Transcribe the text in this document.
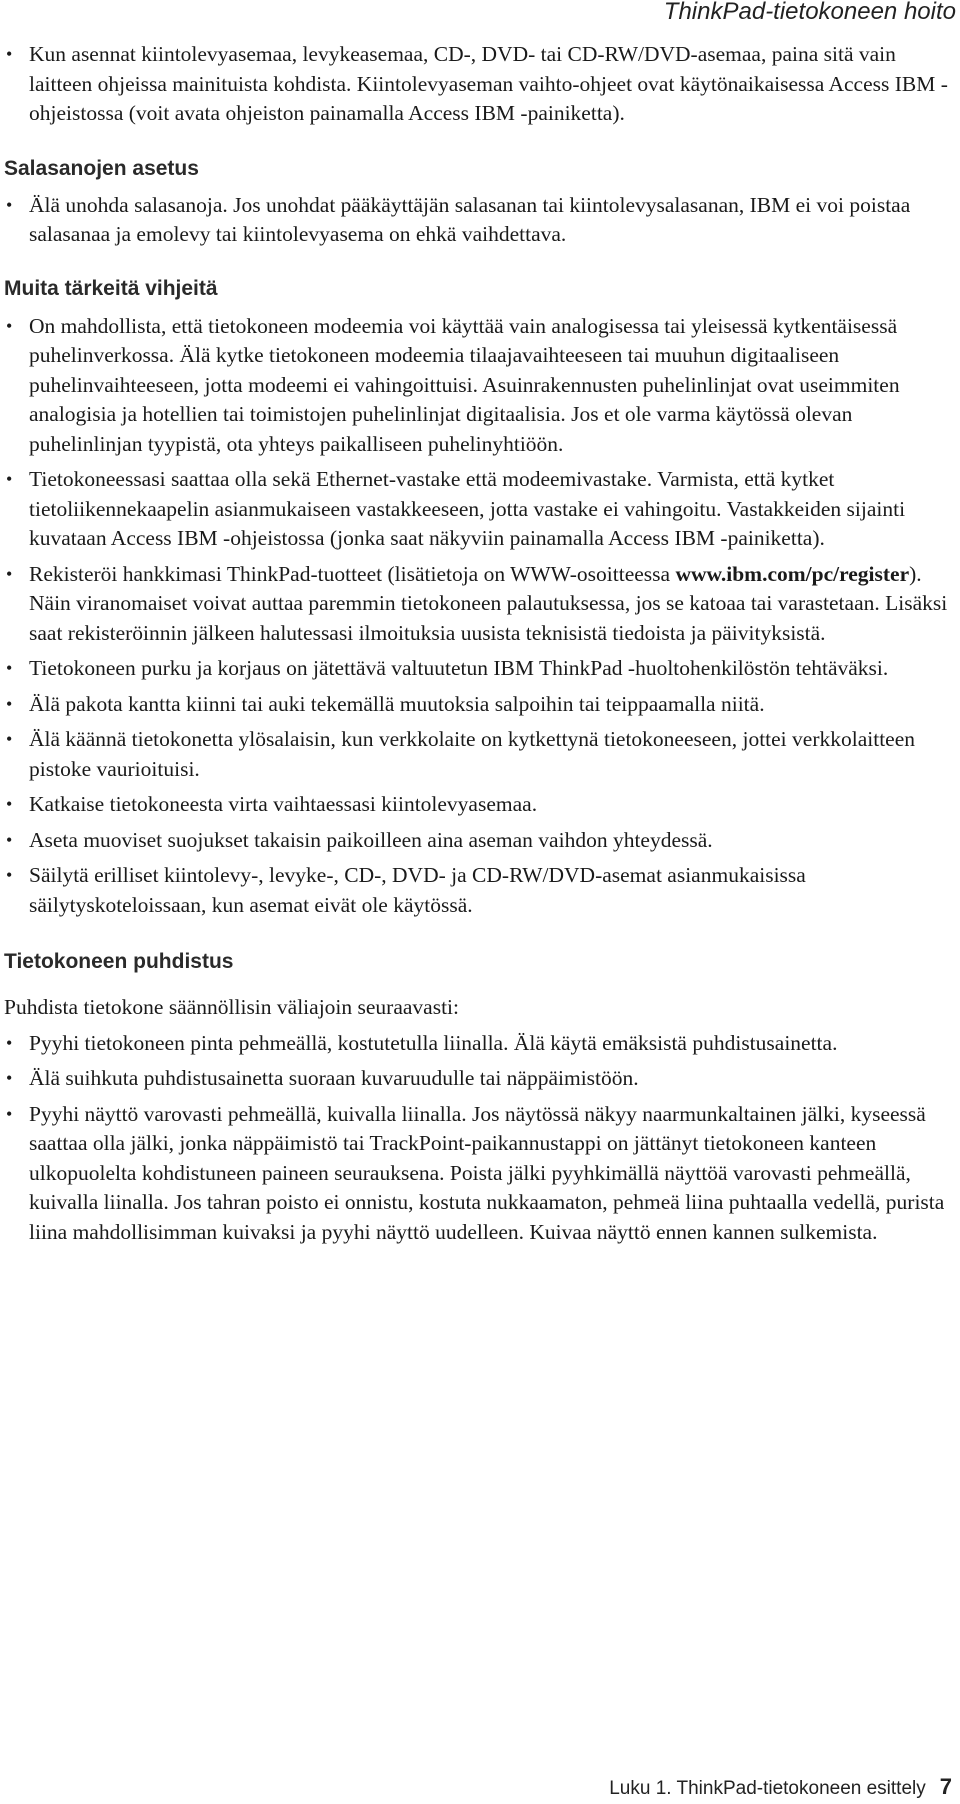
ThinkPad-tietokoneen hoito
• Kun asennat kiintolevyasemaa, levykeasemaa, CD-, DVD- tai CD-RW/DVD-asemaa, paina sitä vain laitteen ohjeissa mainituista kohdista. Kiintolevyaseman vaihto-ohjeet ovat käytönaikaisessa Access IBM -ohjeistossa (voit avata ohjeiston painamalla Access IBM -painiketta).
Salasanojen asetus
• Älä unohda salasanoja. Jos unohdat pääkäyttäjän salasanan tai kiintolevysalasanan, IBM ei voi poistaa salasanaa ja emolevy tai kiintolevyasema on ehkä vaihdettava.
Muita tärkeitä vihjeitä
• On mahdollista, että tietokoneen modeemia voi käyttää vain analogisessa tai yleisessä kytkentäisessä puhelinverkossa. Älä kytke tietokoneen modeemia tilaajavaihteeseen tai muuhun digitaaliseen puhelinvaihteeseen, jotta modeemi ei vahingoittuisi. Asuinrakennusten puhelinlinjat ovat useimmiten analogisia ja hotellien tai toimistojen puhelinlinjat digitaalisia. Jos et ole varma käytössä olevan puhelinlinjan tyypistä, ota yhteys paikalliseen puhelinyhtiöön.
• Tietokoneessasi saattaa olla sekä Ethernet-vastake että modeemivastake. Varmista, että kytket tietoliikennekaapelin asianmukaiseen vastakkeeseen, jotta vastake ei vahingoitu. Vastakkeiden sijainti kuvataan Access IBM -ohjeistossa (jonka saat näkyviin painamalla Access IBM -painiketta).
• Rekisteröi hankkimasi ThinkPad-tuotteet (lisätietoja on WWW-osoitteessa www.ibm.com/pc/register). Näin viranomaiset voivat auttaa paremmin tietokoneen palautuksessa, jos se katoaa tai varastetaan. Lisäksi saat rekisteröinnin jälkeen halutessasi ilmoituksia uusista teknisistä tiedoista ja päivityksistä.
• Tietokoneen purku ja korjaus on jätettävä valtuutetun IBM ThinkPad -huoltohenkilöstön tehtäväksi.
• Älä pakota kantta kiinni tai auki tekemällä muutoksia salpoihin tai teippaamalla niitä.
• Älä käännä tietokonetta ylösalaisin, kun verkkolaite on kytkettynä tietokoneeseen, jottei verkkolaitteen pistoke vaurioituisi.
• Katkaise tietokoneesta virta vaihtaessasi kiintolevyasemaa.
• Aseta muoviset suojukset takaisin paikoilleen aina aseman vaihdon yhteydessä.
• Säilytä erilliset kiintolevy-, levyke-, CD-, DVD- ja CD-RW/DVD-asemat asianmukaisissa säilytyskoteloissaan, kun asemat eivät ole käytössä.
Tietokoneen puhdistus

Puhdista tietokone säännöllisin väliajoin seuraavasti:

• Pyyhi tietokoneen pinta pehmeällä, kostutetulla liinalla. Älä käytä emäksistä puhdistusainetta.
• Älä suihkuta puhdistusainetta suoraan kuvaruudulle tai näppäimistöön.
• Pyyhi näyttö varovasti pehmeällä, kuivalla liinalla. Jos näytössä näkyy naarmunkaltainen jälki, kyseessä saattaa olla jälki, jonka näppäimistö tai TrackPoint-paikannustappi on jättänyt tietokoneen kanteen ulkopuolelta kohdistuneen paineen seurauksena. Poista jälki pyyhkimällä näyttöä varovasti pehmeällä, kuivalla liinalla. Jos tahran poisto ei onnistu, kostuta nukkaamaton, pehmeä liina puhtaalla vedellä, purista liina mahdollisimman kuivaksi ja pyyhi näyttö uudelleen. Kuivaa näyttö ennen kannen sulkemista.
Luku 1. ThinkPad-tietokoneen esittely 7
